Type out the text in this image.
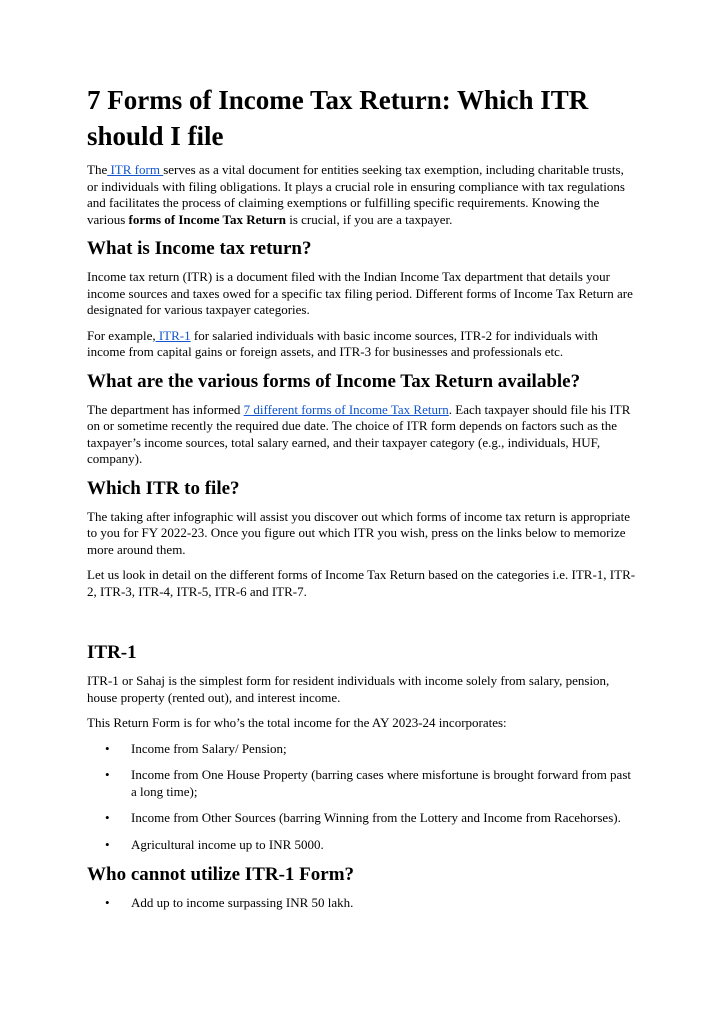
7 Forms of Income Tax Return: Which ITR should I file

The ITR form serves as a vital document for entities seeking tax exemption, including charitable trusts, or individuals with filing obligations. It plays a crucial role in ensuring compliance with tax regulations and facilitates the process of claiming exemptions or fulfilling specific requirements. Knowing the various forms of Income Tax Return is crucial, if you are a taxpayer.

What is Income tax return?

Income tax return (ITR) is a document filed with the Indian Income Tax department that details your income sources and taxes owed for a specific tax filing period. Different forms of Income Tax Return are designated for various taxpayer categories.

For example, ITR-1 for salaried individuals with basic income sources, ITR-2 for individuals with income from capital gains or foreign assets, and ITR-3 for businesses and professionals etc.

What are the various forms of Income Tax Return available?

The department has informed 7 different forms of Income Tax Return. Each taxpayer should file his ITR on or sometime recently the required due date. The choice of ITR form depends on factors such as the taxpayer’s income sources, total salary earned, and their taxpayer category (e.g., individuals, HUF, company).

Which ITR to file?

The taking after infographic will assist you discover out which forms of income tax return is appropriate to you for FY 2022-23. Once you figure out which ITR you wish, press on the links below to memorize more around them.

Let us look in detail on the different forms of Income Tax Return based on the categories i.e. ITR-1, ITR-2, ITR-3, ITR-4, ITR-5, ITR-6 and ITR-7.

ITR-1

ITR-1 or Sahaj is the simplest form for resident individuals with income solely from salary, pension, house property (rented out), and interest income.

This Return Form is for who’s the total income for the AY 2023-24 incorporates:

• Income from Salary/ Pension;
• Income from One House Property (barring cases where misfortune is brought forward from past a long time);
• Income from Other Sources (barring Winning from the Lottery and Income from Racehorses).
• Agricultural income up to INR 5000.
Who cannot utilize ITR-1 Form?
• Add up to income surpassing INR 50 lakh.
